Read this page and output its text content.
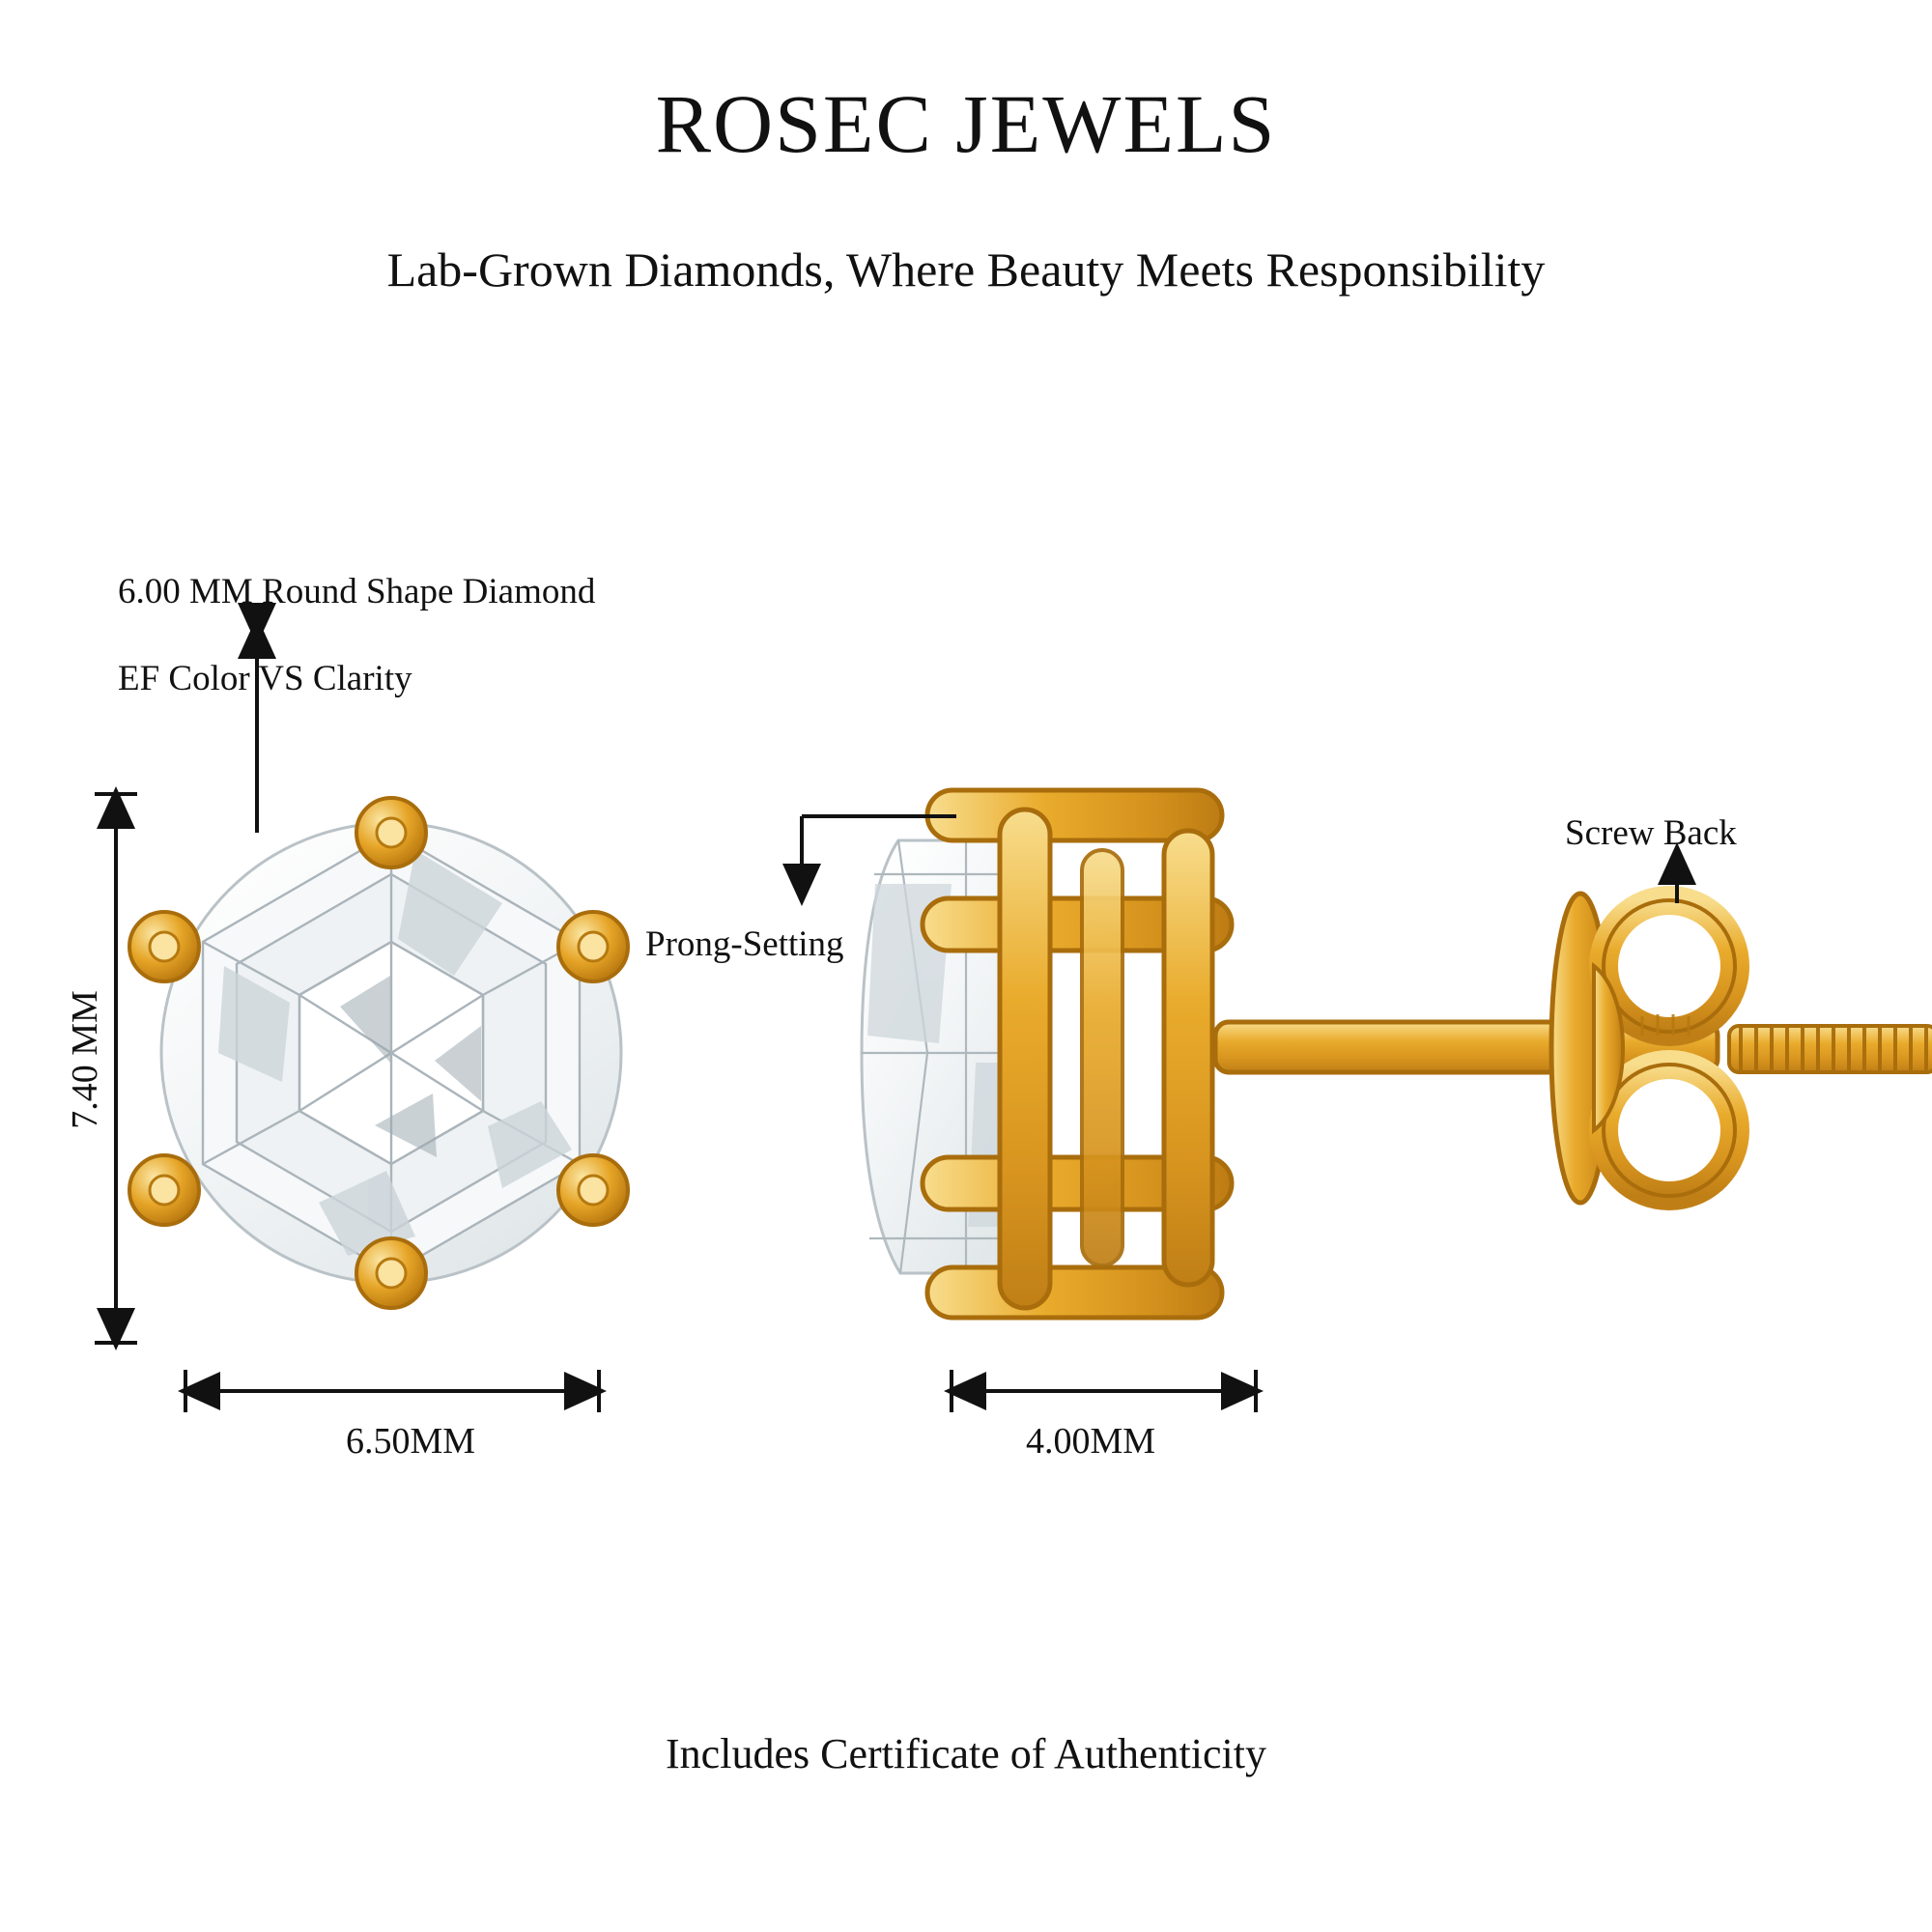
ROSEC JEWELS
Lab-Grown Diamonds, Where Beauty Meets Responsibility

6.00 MM Round Shape Diamond

EF Color VS Clarity

Prong-Setting
Screw Back
7.40 MM
6.50MM	4.00MM
Includes Certificate of Authenticity
